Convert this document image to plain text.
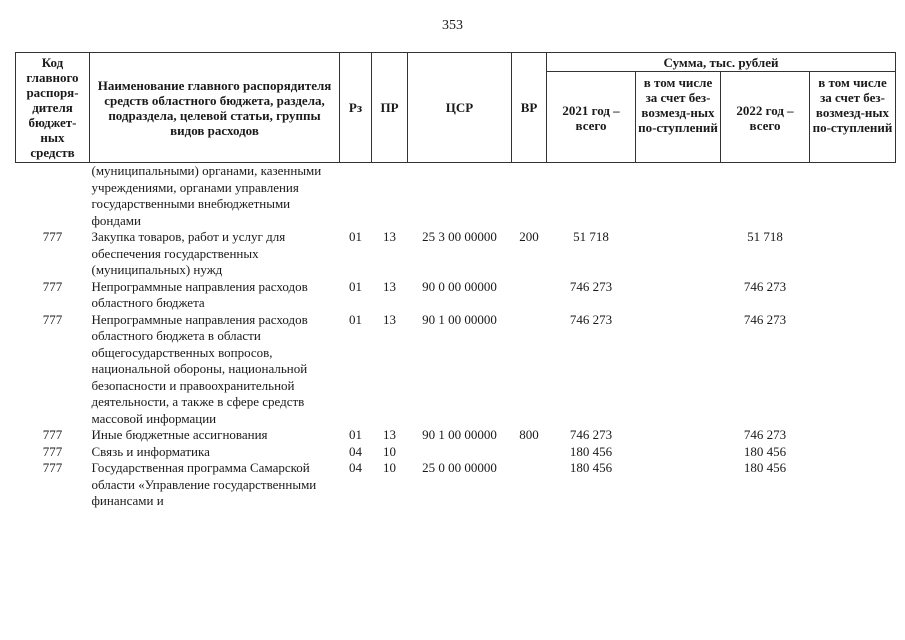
353
Код главного распоря-дителя бюджет-ных средств	Наименование главного распорядителя средств областного бюджета, раздела, подраздела, целевой статьи, группы видов расходов	Рз	ПР	ЦСР	ВР	Сумма, тыс. рублей			
						2021 год – всего	в том числе за счет без-возмезд-ных по-ступлений	2022 год – всего	в том числе за счет без-возмезд-ных по-ступлений
	(муниципальными) органами, казенными учреждениями, органами управления государственными внебюджетными фондами								
777	Закупка товаров, работ и услуг для обеспечения государственных (муниципальных) нужд	01	13	25 3 00 00000	200	51 718		51 718	
777	Непрограммные направления расходов областного бюджета	01	13	90 0 00 00000		746 273		746 273	
777	Непрограммные направления расходов областного бюджета в области общегосударственных вопросов, национальной обороны, национальной безопасности и правоохранительной деятельности, а также в сфере средств массовой информации	01	13	90 1 00 00000		746 273		746 273	
777	Иные бюджетные ассигнования	01	13	90 1 00 00000	800	746 273		746 273	
777	Связь и информатика	04	10			180 456		180 456	
777	Государственная программа Самарской области «Управление государственными финансами и	04	10	25 0 00 00000		180 456		180 456	
